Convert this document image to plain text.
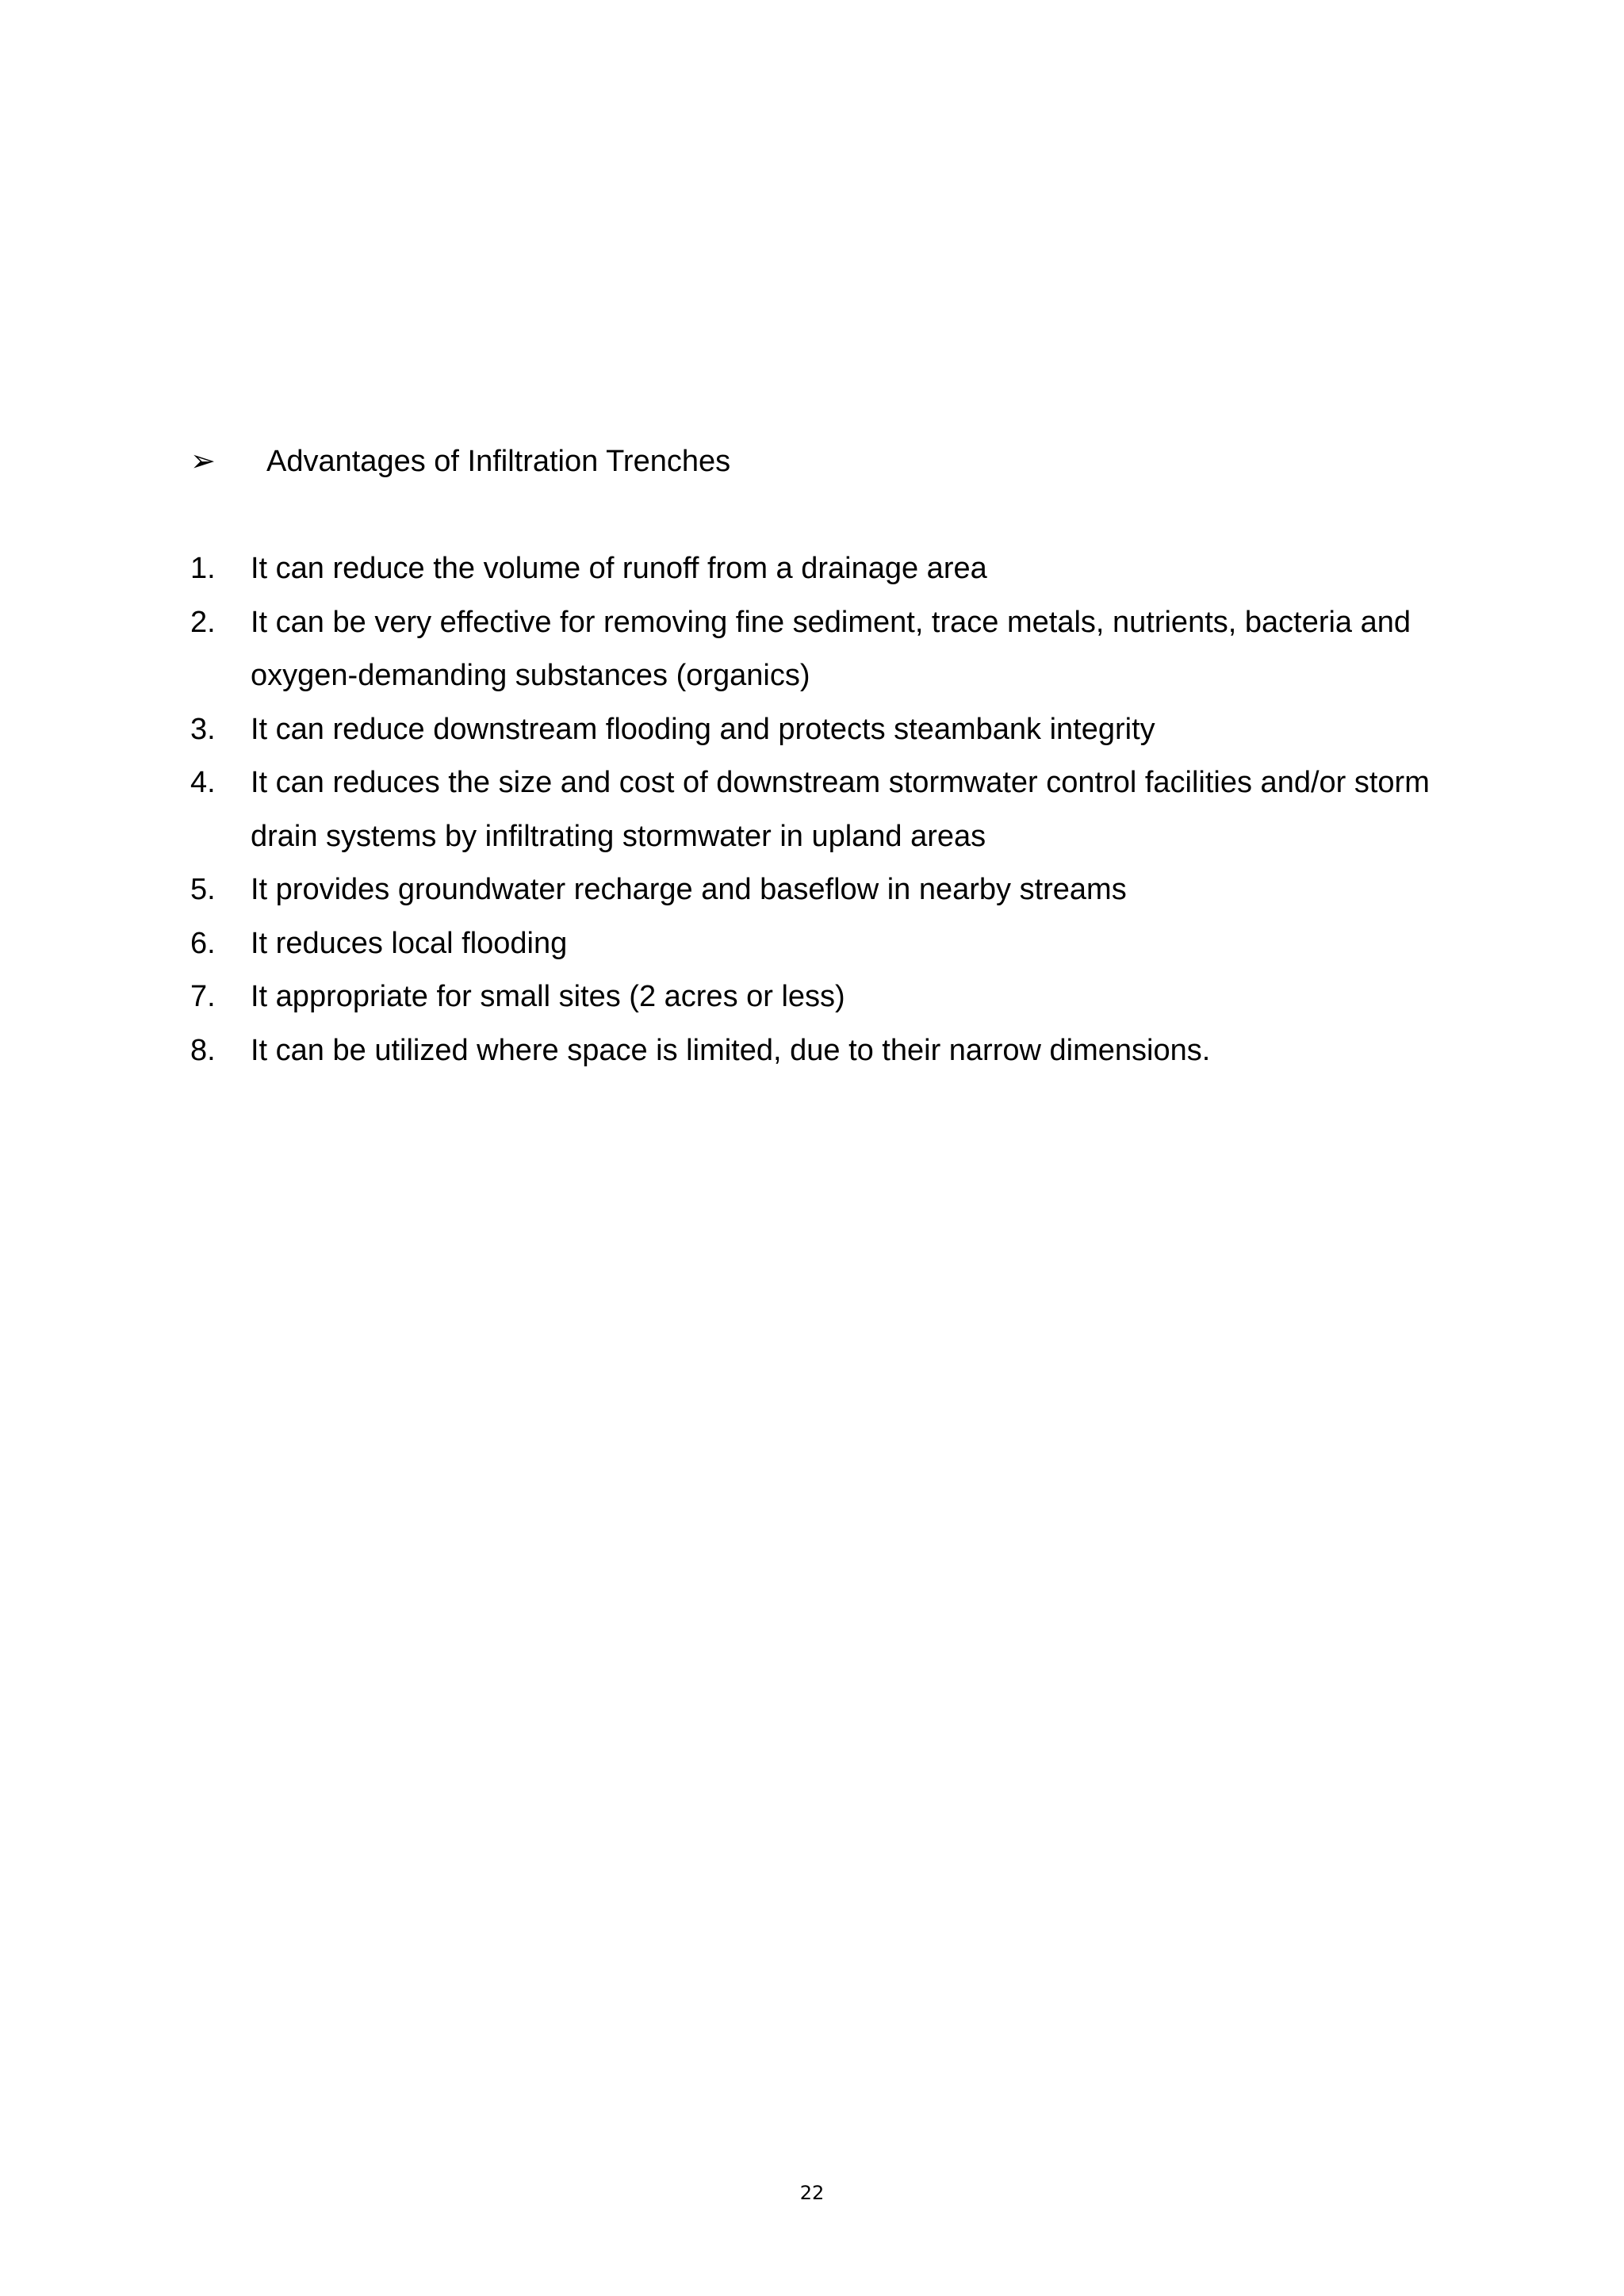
➢	Advantages of Infiltration Trenches
1.	It can reduce the volume of runoff from a drainage area
2.	It can be very effective for removing fine sediment, trace metals, nutrients, bacteria and oxygen-demanding substances (organics)
3.	It can reduce downstream flooding and protects steambank integrity
4.	It can reduces the size and cost of downstream stormwater control facilities and/or storm drain systems by infiltrating stormwater in upland areas
5.	It provides groundwater recharge and baseflow in nearby streams
6.	It reduces local flooding
7.	It appropriate for small sites (2 acres or less)
8.	It can be utilized where space is limited, due to their narrow dimensions.
22
